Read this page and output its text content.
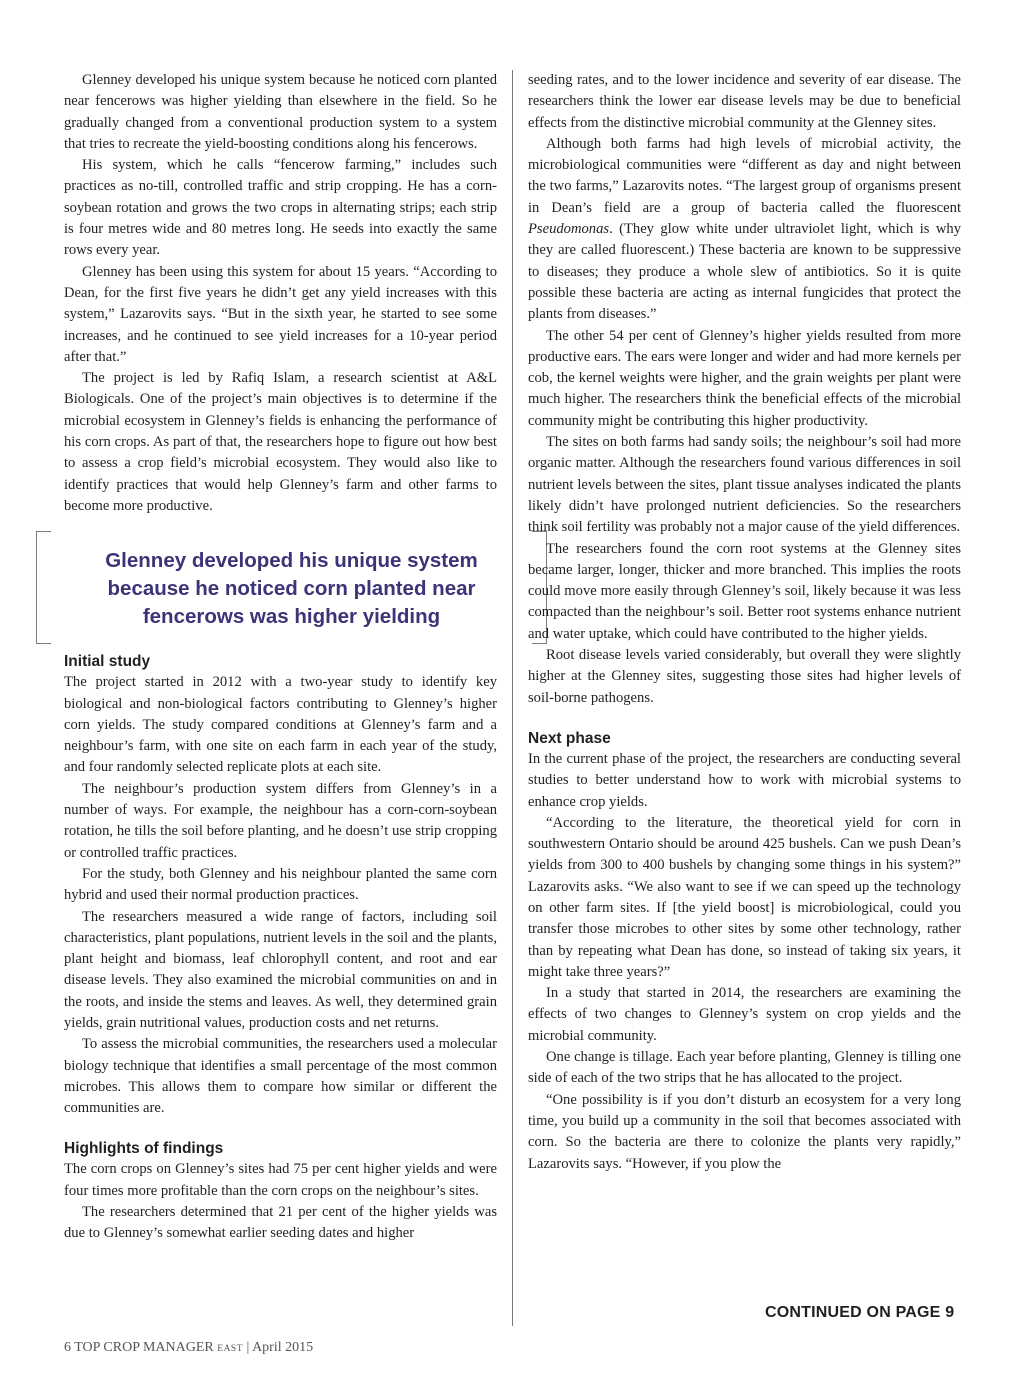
Glenney developed his unique system because he noticed corn planted near fencerows was higher yielding than elsewhere in the field. So he gradually changed from a conventional production system to a system that tries to recreate the yield-boosting conditions along his fencerows.

His system, which he calls “fencerow farming,” includes such practices as no-till, controlled traffic and strip cropping. He has a corn-soybean rotation and grows the two crops in alternating strips; each strip is four metres wide and 80 metres long. He seeds into exactly the same rows every year.

Glenney has been using this system for about 15 years. “According to Dean, for the first five years he didn’t get any yield increases with this system,” Lazarovits says. “But in the sixth year, he started to see some increases, and he continued to see yield increases for a 10-year period after that.”

The project is led by Rafiq Islam, a research scientist at A&L Biologicals. One of the project’s main objectives is to determine if the microbial ecosystem in Glenney’s fields is enhancing the performance of his corn crops. As part of that, the researchers hope to figure out how best to assess a crop field’s microbial ecosystem. They would also like to identify practices that would help Glenney’s farm and other farms to become more productive.

Glenney developed his unique system because he noticed corn planted near fencerows was higher yielding
Initial study

The project started in 2012 with a two-year study to identify key biological and non-biological factors contributing to Glenney’s higher corn yields. The study compared conditions at Glenney’s farm and a neighbour’s farm, with one site on each farm in each year of the study, and four randomly selected replicate plots at each site.

The neighbour’s production system differs from Glenney’s in a number of ways. For example, the neighbour has a corn-corn-soybean rotation, he tills the soil before planting, and he doesn’t use strip cropping or controlled traffic practices.

For the study, both Glenney and his neighbour planted the same corn hybrid and used their normal production practices.

The researchers measured a wide range of factors, including soil characteristics, plant populations, nutrient levels in the soil and the plants, plant height and biomass, leaf chlorophyll content, and root and ear disease levels. They also examined the microbial communities on and in the roots, and inside the stems and leaves. As well, they determined grain yields, grain nutritional values, production costs and net returns.

To assess the microbial communities, the researchers used a molecular biology technique that identifies a small percentage of the most common microbes. This allows them to compare how similar or different the communities are.

Highlights of findings

The corn crops on Glenney’s sites had 75 per cent higher yields and were four times more profitable than the corn crops on the neighbour’s sites.

The researchers determined that 21 per cent of the higher yields was due to Glenney’s somewhat earlier seeding dates and higher

seeding rates, and to the lower incidence and severity of ear disease. The researchers think the lower ear disease levels may be due to beneficial effects from the distinctive microbial community at the Glenney sites.

Although both farms had high levels of microbial activity, the microbiological communities were “different as day and night between the two farms,” Lazarovits notes. “The largest group of organisms present in Dean’s field are a group of bacteria called the fluorescent Pseudomonas. (They glow white under ultraviolet light, which is why they are called fluorescent.) These bacteria are known to be suppressive to diseases; they produce a whole slew of antibiotics. So it is quite possible these bacteria are acting as internal fungicides that protect the plants from diseases.”

The other 54 per cent of Glenney’s higher yields resulted from more productive ears. The ears were longer and wider and had more kernels per cob, the kernel weights were higher, and the grain weights per plant were much higher. The researchers think the beneficial effects of the microbial community might be contributing this higher productivity.

The sites on both farms had sandy soils; the neighbour’s soil had more organic matter. Although the researchers found various differences in soil nutrient levels between the sites, plant tissue analyses indicated the plants likely didn’t have prolonged nutrient deficiencies. So the researchers think soil fertility was probably not a major cause of the yield differences.

The researchers found the corn root systems at the Glenney sites became larger, longer, thicker and more branched. This implies the roots could move more easily through Glenney’s soil, likely because it was less compacted than the neighbour’s soil. Better root systems enhance nutrient and water uptake, which could have contributed to the higher yields.

Root disease levels varied considerably, but overall they were slightly higher at the Glenney sites, suggesting those sites had higher levels of soil-borne pathogens.

Next phase

In the current phase of the project, the researchers are conducting several studies to better understand how to work with microbial systems to enhance crop yields.

“According to the literature, the theoretical yield for corn in southwestern Ontario should be around 425 bushels. Can we push Dean’s yields from 300 to 400 bushels by changing some things in his system?” Lazarovits asks. “We also want to see if we can speed up the technology on other farm sites. If [the yield boost] is microbiological, could you transfer those microbes to other sites by some other technology, rather than by repeating what Dean has done, so instead of taking six years, it might take three years?”

In a study that started in 2014, the researchers are examining the effects of two changes to Glenney’s system on crop yields and the microbial community.

One change is tillage. Each year before planting, Glenney is tilling one side of each of the two strips that he has allocated to the project.

“One possibility is if you don’t disturb an ecosystem for a very long time, you build up a community in the soil that becomes associated with corn. So the bacteria are there to colonize the plants very rapidly,” Lazarovits says. “However, if you plow the

CONTINUED ON PAGE 9
6 TOP CROP MANAGER EAST | April 2015
